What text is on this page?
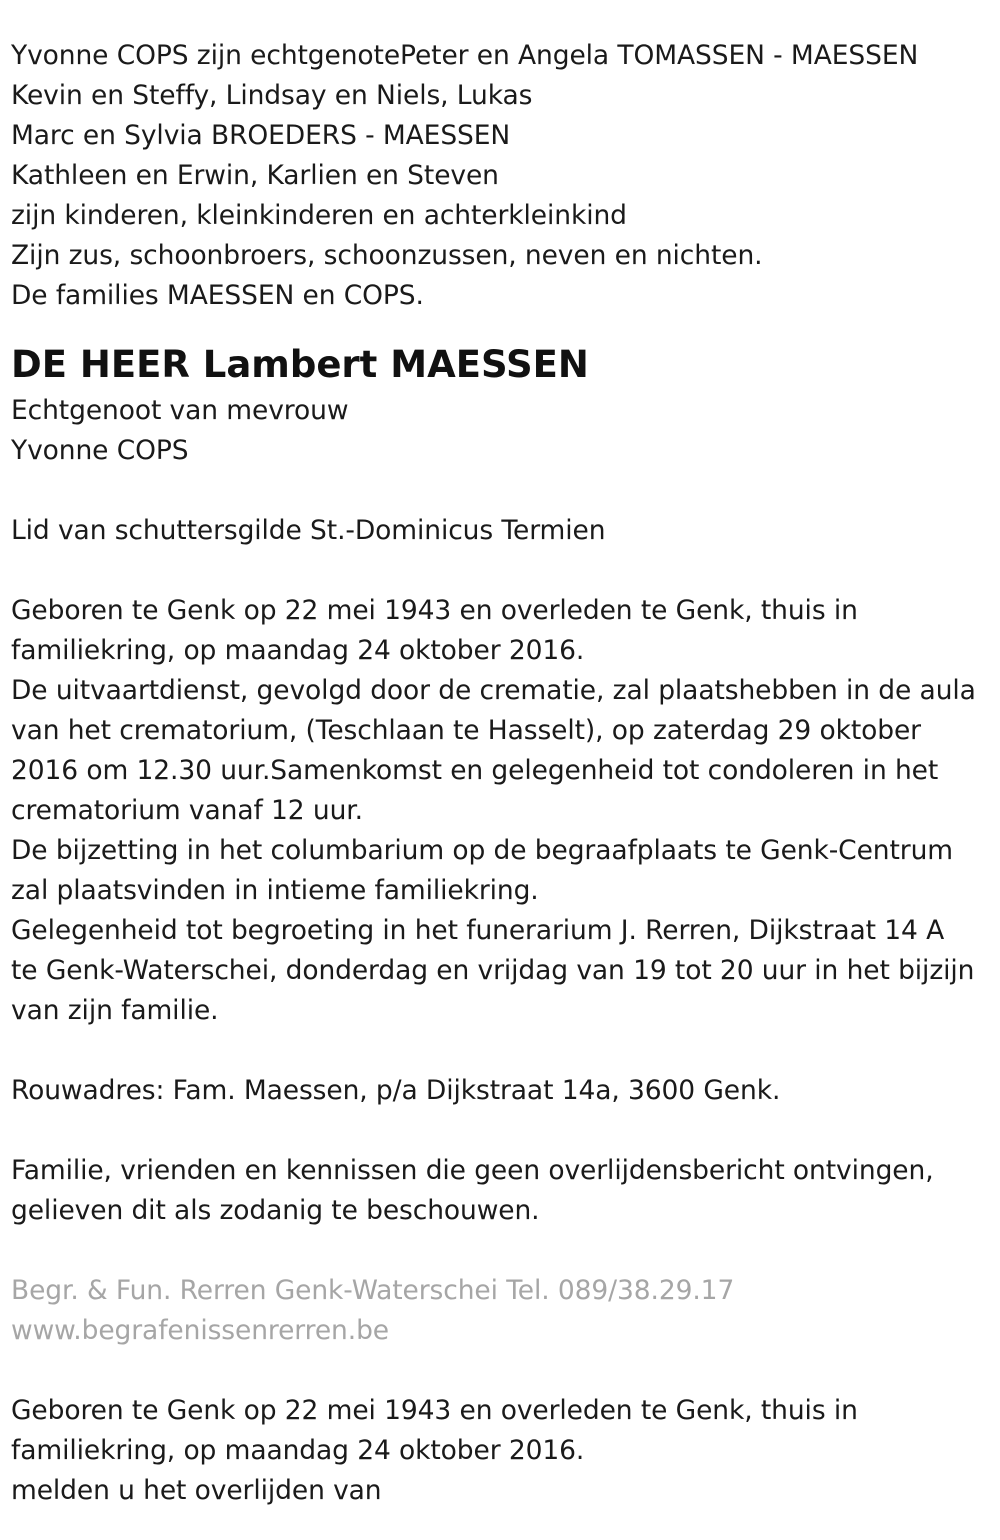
Yvonne COPS zijn echtgenotePeter en Angela TOMASSEN - MAESSEN
Kevin en Steffy, Lindsay en Niels, Lukas
Marc en Sylvia BROEDERS - MAESSEN
Kathleen en Erwin, Karlien en Steven
zijn kinderen, kleinkinderen en achterkleinkind
Zijn zus, schoonbroers, schoonzussen, neven en nichten.
De families MAESSEN en COPS.
DE HEER Lambert MAESSEN
Echtgenoot van mevrouw
Yvonne COPS
Lid van schuttersgilde St.-Dominicus Termien
Geboren te Genk op 22 mei 1943 en overleden te Genk, thuis in
familiekring, op maandag 24 oktober 2016.
De uitvaartdienst, gevolgd door de crematie, zal plaatshebben in de aula
van het crematorium, (Teschlaan te Hasselt), op zaterdag 29 oktober
2016 om 12.30 uur.Samenkomst en gelegenheid tot condoleren in het
crematorium vanaf 12 uur.
De bijzetting in het columbarium op de begraafplaats te Genk-Centrum
zal plaatsvinden in intieme familiekring.
Gelegenheid tot begroeting in het funerarium J. Rerren, Dijkstraat 14 A
te Genk-Waterschei, donderdag en vrijdag van 19 tot 20 uur in het bijzijn
van zijn familie.
Rouwadres: Fam. Maessen, p/a Dijkstraat 14a, 3600 Genk.
Familie, vrienden en kennissen die geen overlijdensbericht ontvingen,
gelieven dit als zodanig te beschouwen.
Begr. & Fun. Rerren Genk-Waterschei Tel. 089/38.29.17
www.begrafenissenrerren.be
Geboren te Genk op 22 mei 1943 en overleden te Genk, thuis in
familiekring, op maandag 24 oktober 2016.
melden u het overlijden van
